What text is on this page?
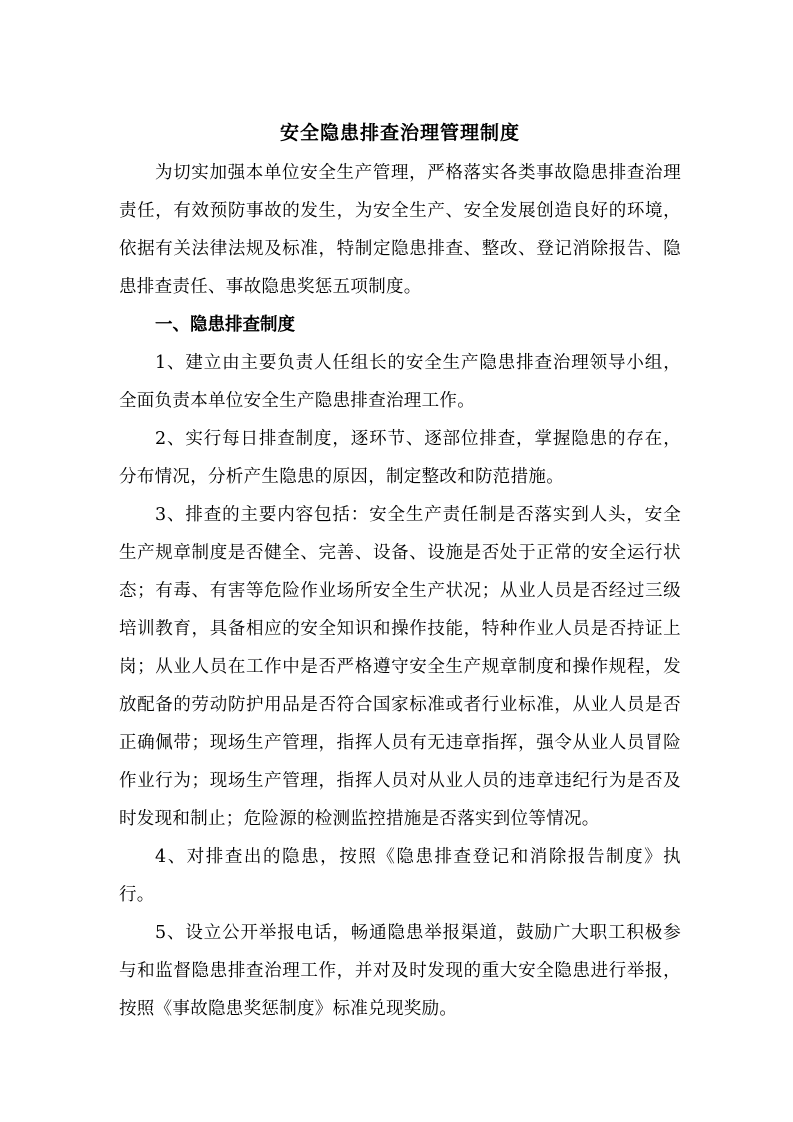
安全隐患排查治理管理制度

为切实加强本单位安全生产管理，严格落实各类事故隐患排查治理责任，有效预防事故的发生，为安全生产、安全发展创造良好的环境，依据有关法律法规及标准，特制定隐患排查、整改、登记消除报告、隐患排查责任、事故隐患奖惩五项制度。

一、隐患排查制度

1、建立由主要负责人任组长的安全生产隐患排查治理领导小组，全面负责本单位安全生产隐患排查治理工作。

2、实行每日排查制度，逐环节、逐部位排查，掌握隐患的存在，分布情况，分析产生隐患的原因，制定整改和防范措施。

3、排查的主要内容包括：安全生产责任制是否落实到人头，安全生产规章制度是否健全、完善、设备、设施是否处于正常的安全运行状态；有毒、有害等危险作业场所安全生产状况；从业人员是否经过三级培训教育，具备相应的安全知识和操作技能，特种作业人员是否持证上岗；从业人员在工作中是否严格遵守安全生产规章制度和操作规程，发放配备的劳动防护用品是否符合国家标准或者行业标准，从业人员是否正确佩带；现场生产管理，指挥人员有无违章指挥，强令从业人员冒险作业行为；现场生产管理，指挥人员对从业人员的违章违纪行为是否及时发现和制止；危险源的检测监控措施是否落实到位等情况。

4、对排查出的隐患，按照《隐患排查登记和消除报告制度》执行。

5、设立公开举报电话，畅通隐患举报渠道，鼓励广大职工积极参与和监督隐患排查治理工作，并对及时发现的重大安全隐患进行举报，按照《事故隐患奖惩制度》标准兑现奖励。
